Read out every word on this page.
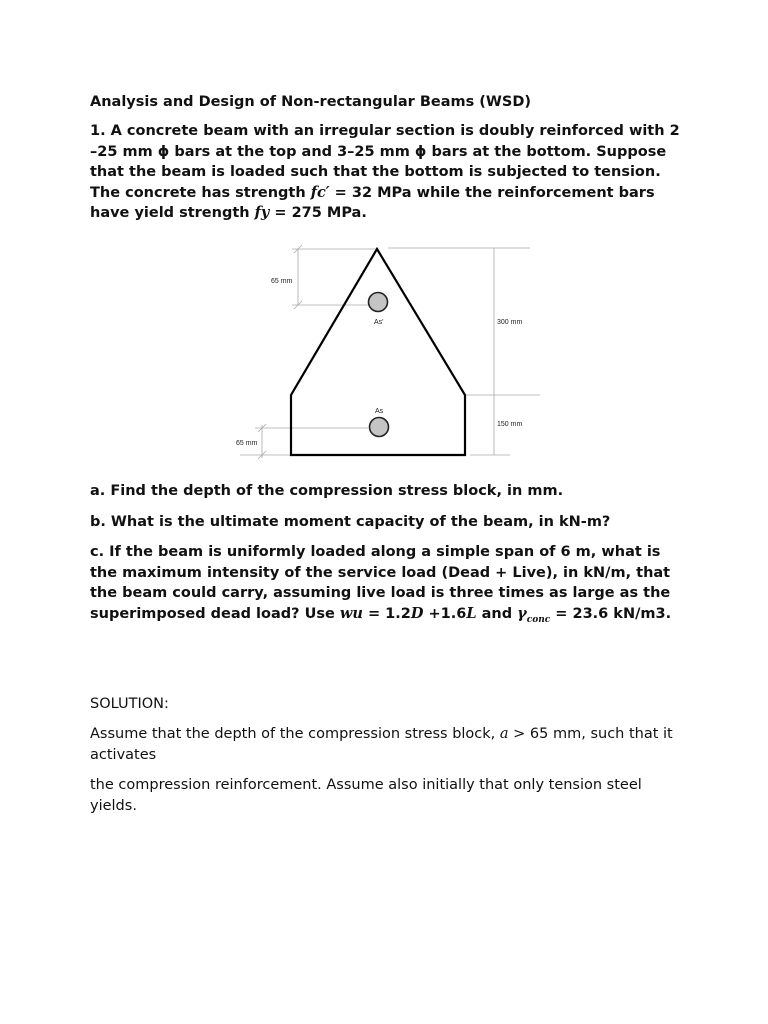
Analysis and Design of Non-rectangular Beams (WSD)
1. A concrete beam with an irregular section is doubly reinforced with 2 –25 mm ϕ bars at the top and 3–25 mm ϕ bars at the bottom. Suppose that the beam is loaded such that the bottom is subjected to tension. The concrete has strength fc′ = 32 MPa while the reinforcement bars have yield strength fy = 275 MPa.
65 mm
300 mm
150 mm
65 mm
As'
As
a. Find the depth of the compression stress block, in mm.
b. What is the ultimate moment capacity of the beam, in kN-m?
c. If the beam is uniformly loaded along a simple span of 6 m, what is the maximum intensity of the service load (Dead + Live), in kN/m, that the beam could carry, assuming live load is three times as large as the superimposed dead load? Use wu = 1.2D +1.6L and $\gamma_{conc} = 23.6$ kN/m3.
SOLUTION:
Assume that the depth of the compression stress block, a > 65 mm, such that it activates
the compression reinforcement. Assume also initially that only tension steel yields.
